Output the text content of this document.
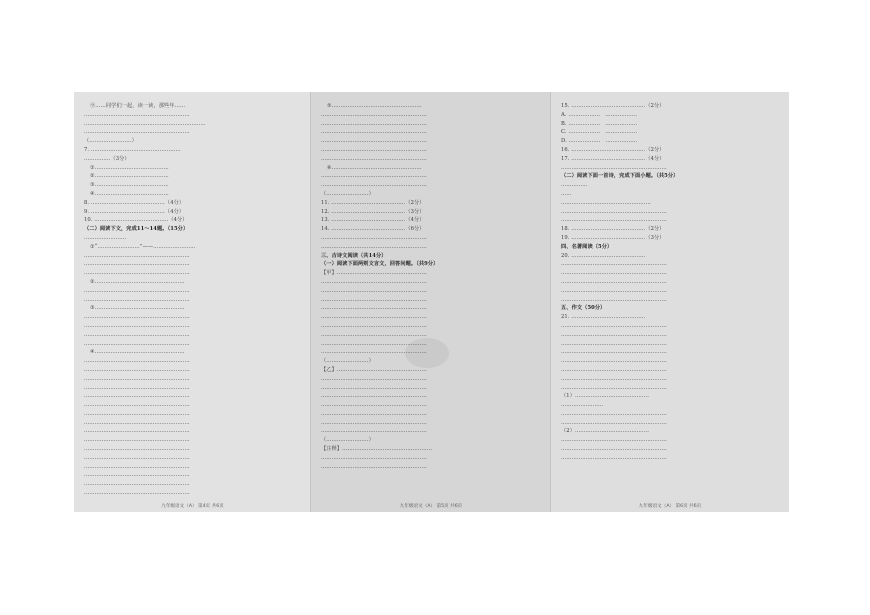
⑨……同学们一起，读一读，那些年……
……………………………………………………
……………………………………………………………
……………………………………………………
（……………………）
7. ……………………………………………
……………（3分）
①……………………………………
②……………………………………
③……………………………………
④……………………………………
8. ……………………………………（4分）
9. ……………………………………（4分）
10. ……………………………………（4分）
（二）阅读下文，完成11～14题。（15分）
……………………
①“……………………”——……………………
……………………………………………………
……………………………………………………
……………………………………………………
②……………………………………………
……………………………………………………
……………………………………………………
③……………………………………………
……………………………………………………
……………………………………………………
……………………………………………………
……………………………………………………
④……………………………………………
……………………………………………………
……………………………………………………
……………………………………………………
……………………………………………………
……………………………………………………
……………………………………………………
……………………………………………………
……………………………………………………
……………………………………………………
……………………………………………………
……………………………………………………
……………………………………………………
……………………………………………………
……………………………………………………
……………………………………………………
……………………………………………………
九年级语文（A） 第4页 共6页
⑤……………………………………………
……………………………………………………
……………………………………………………
……………………………………………………
……………………………………………………
……………………………………………………
……………………………………………………
⑥……………………………………………
……………………………………………………
……………………………………………………
（……………………）
11. ……………………………………（2分）
12. ……………………………………（3分）
13. ……………………………………（4分）
14. ……………………………………（6分）
……………………………………………………
……………………………………………………
三、古诗文阅读（共14分）
（一）阅读下面两则文言文，回答问题。（共9分）
【甲】……………………………………………
……………………………………………………
……………………………………………………
……………………………………………………
……………………………………………………
……………………………………………………
……………………………………………………
……………………………………………………
……………………………………………………
……………………………………………………
（……………………）
【乙】……………………………………………
……………………………………………………
……………………………………………………
……………………………………………………
……………………………………………………
……………………………………………………
……………………………………………………
……………………………………………………
（……………………）
【注释】……………………………………………
……………………………………………………
……………………………………………………
九年级语文（A） 第5页 共6页
15. ……………………………………（2分）
A. ………………　………………
B. ………………　………………
C. ………………　………………
D. ………………　………………
16. ……………………………………（2分）
17. ……………………………………（4分）
……………………………………………………
（二）阅读下面一首诗，完成下面小题。（共5分）
……………
……
……………………………………………
……………………………………………………
……………………………………………………
18. ……………………………………（2分）
19. ……………………………………（3分）
四、名著阅读（5分）
20. ……………………………………
……………………………………………………
……………………………………………………
……………………………………………………
……………………………………………………
……………………………………………………
五、作文（50分）
21. ……………………………………
……………………………………………………
……………………………………………………
……………………………………………………
……………………………………………………
……………………………………………………
……………………………………………………
……………………………………………………
……………………………………………………
（1）……………………………………
……………………
……………………………………………………
……………………………………………………
（2）……………………………………
……………………………………………………
……………………………………………………
……………………………………………………
九年级语文（A） 第6页 共6页
